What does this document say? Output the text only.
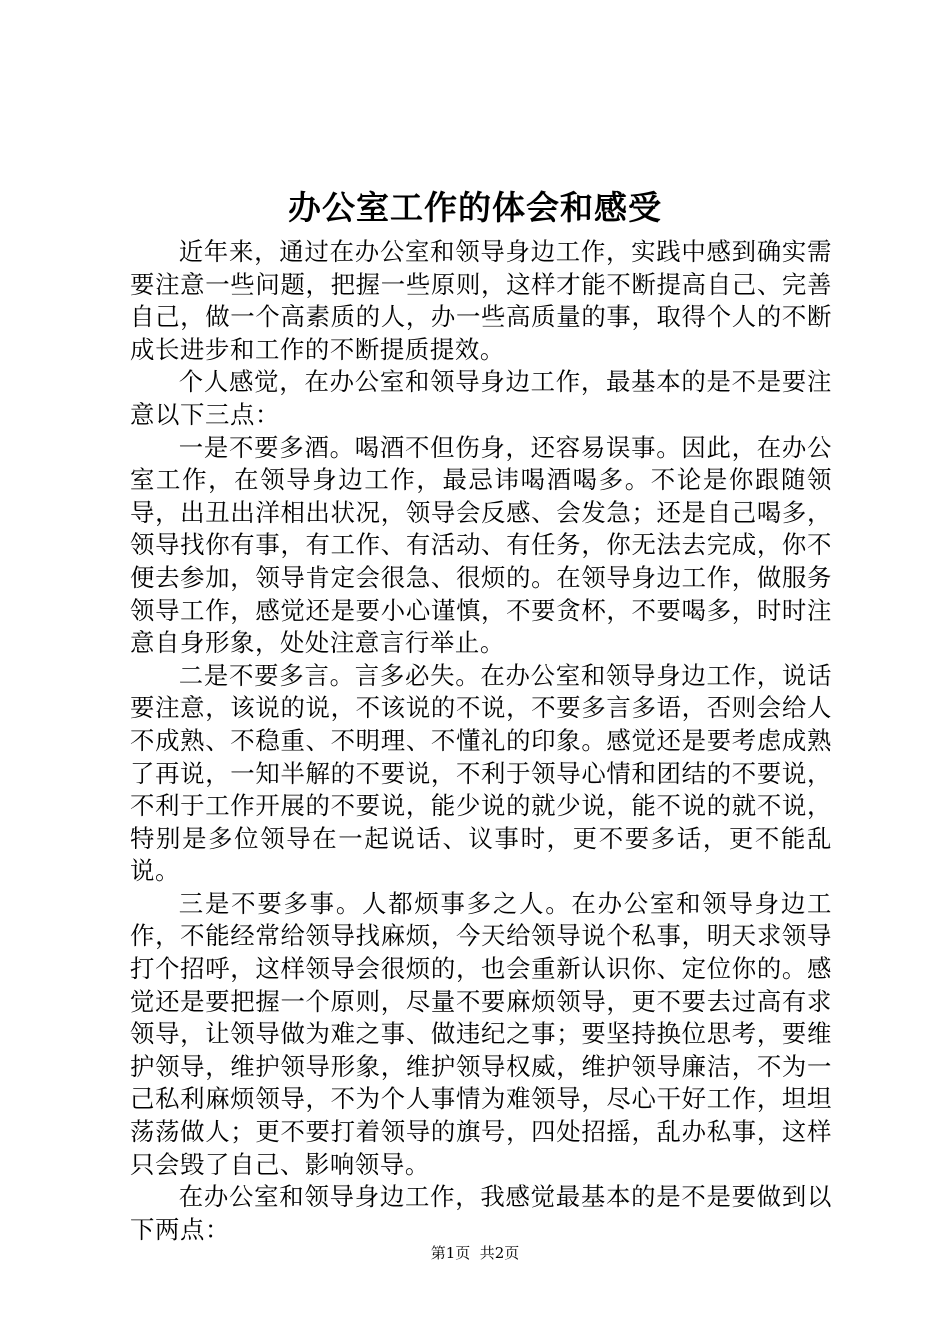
办公室工作的体会和感受

近年来，通过在办公室和领导身边工作，实践中感到确实需要注意一些问题，把握一些原则，这样才能不断提高自己、完善自己，做一个高素质的人，办一些高质量的事，取得个人的不断成长进步和工作的不断提质提效。

个人感觉，在办公室和领导身边工作，最基本的是不是要注意以下三点：

一是不要多酒。喝酒不但伤身，还容易误事。因此，在办公室工作，在领导身边工作，最忌讳喝酒喝多。不论是你跟随领导，出丑出洋相出状况，领导会反感、会发急；还是自己喝多，领导找你有事，有工作、有活动、有任务，你无法去完成，你不便去参加，领导肯定会很急、很烦的。在领导身边工作，做服务领导工作，感觉还是要小心谨慎，不要贪杯，不要喝多，时时注意自身形象，处处注意言行举止。

二是不要多言。言多必失。在办公室和领导身边工作，说话要注意，该说的说，不该说的不说，不要多言多语，否则会给人不成熟、不稳重、不明理、不懂礼的印象。感觉还是要考虑成熟了再说，一知半解的不要说，不利于领导心情和团结的不要说，不利于工作开展的不要说，能少说的就少说，能不说的就不说，特别是多位领导在一起说话、议事时，更不要多话，更不能乱说。

三是不要多事。人都烦事多之人。在办公室和领导身边工作，不能经常给领导找麻烦，今天给领导说个私事，明天求领导打个招呼，这样领导会很烦的，也会重新认识你、定位你的。感觉还是要把握一个原则，尽量不要麻烦领导，更不要去过高有求领导，让领导做为难之事、做违纪之事；要坚持换位思考，要维护领导，维护领导形象，维护领导权威，维护领导廉洁，不为一己私利麻烦领导，不为个人事情为难领导，尽心干好工作，坦坦荡荡做人；更不要打着领导的旗号，四处招摇，乱办私事，这样只会毁了自己、影响领导。

在办公室和领导身边工作，我感觉最基本的是不是要做到以下两点：

第1页  共2页
